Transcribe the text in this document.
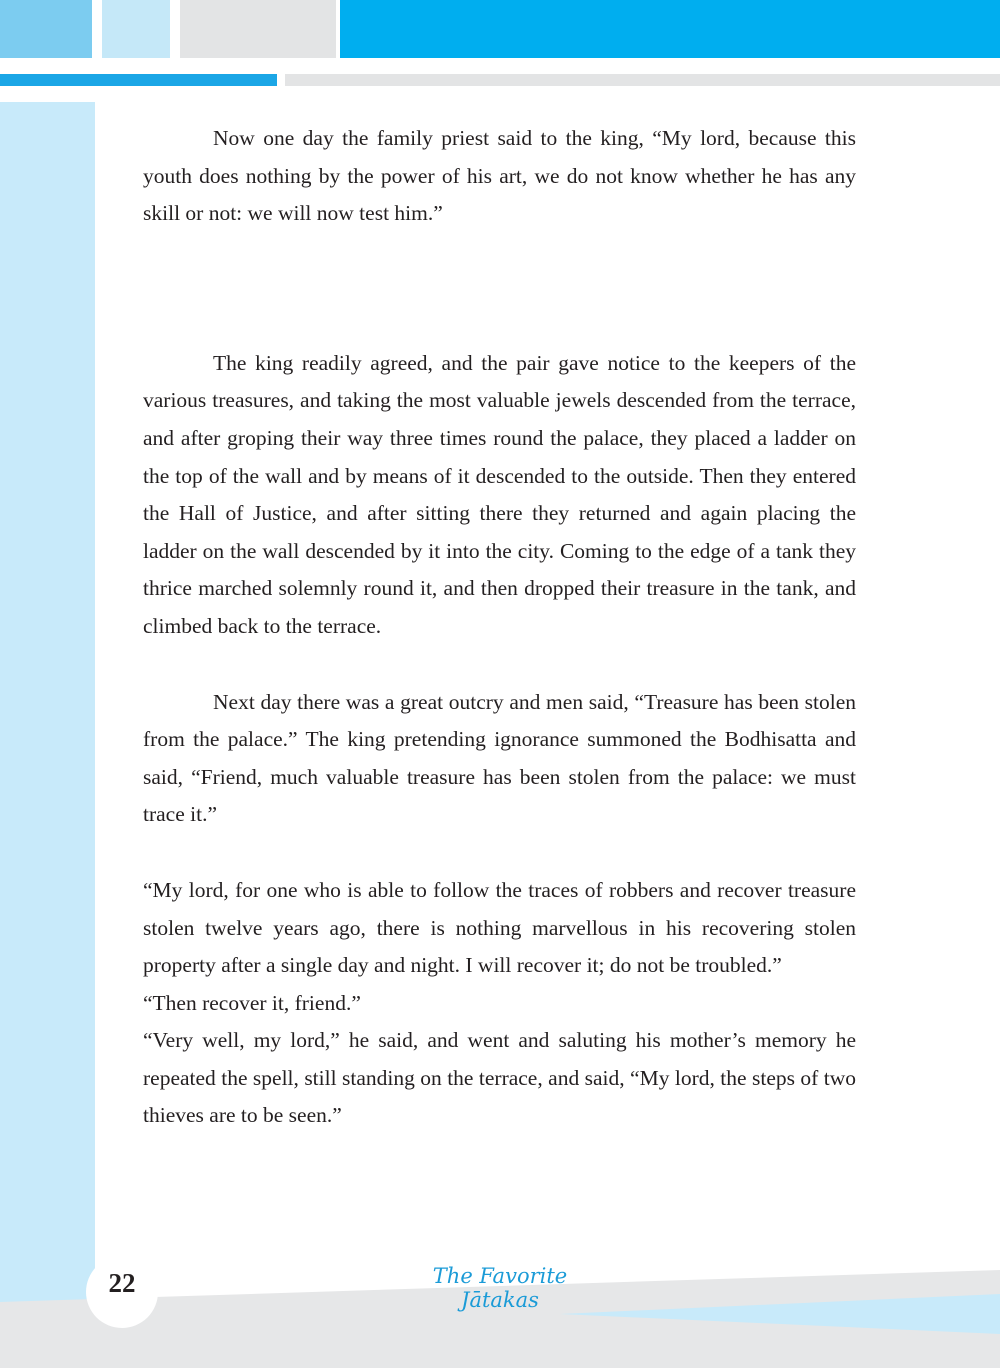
Now one day the family priest said to the king, “My lord, because this youth does nothing by the power of his art, we do not know whether he has any skill or not: we will now test him.”

The king readily agreed, and the pair gave notice to the keepers of the various treasures, and taking the most valuable jewels descended from the terrace, and after groping their way three times round the palace, they placed a ladder on the top of the wall and by means of it descended to the outside. Then they entered the Hall of Justice, and after sitting there they returned and again placing the ladder on the wall descended by it into the city. Coming to the edge of a tank they thrice marched solemnly round it, and then dropped their treasure in the tank, and climbed back to the terrace.

Next day there was a great outcry and men said, “Treasure has been stolen from the palace.” The king pretending ignorance summoned the Bodhisatta and said, “Friend, much valuable treasure has been stolen from the palace: we must trace it.”

“My lord, for one who is able to follow the traces of robbers and recover treasure stolen twelve years ago, there is nothing marvellous in his recovering stolen property after a single day and night. I will recover it; do not be troubled.”

“Then recover it, friend.”

“Very well, my lord,” he said, and went and saluting his mother’s memory he repeated the spell, still standing on the terrace, and said, “My lord, the steps of two thieves are to be seen.”

22	The Favorite Jātakas
